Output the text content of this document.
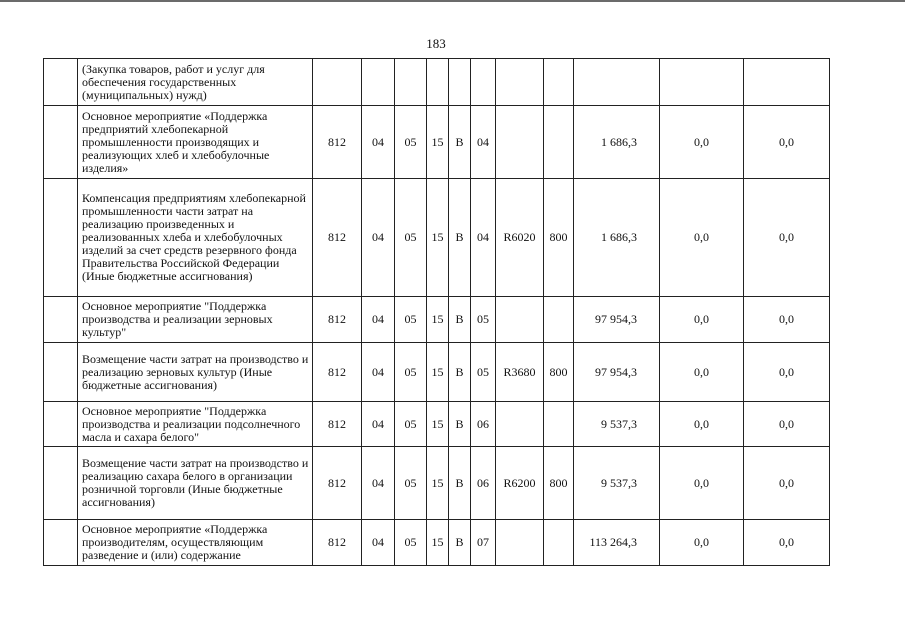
183
	(Закупка товаров, работ и услуг для обеспечения государственных (муниципальных) нужд)											
	Основное мероприятие «Поддержка предприятий хлебопекарной промышленности производящих и реализующих хлеб и хлебобулочные изделия»	812	04	05	15	В	04			1 686,3	0,0	0,0
	Компенсация предприятиям хлебопекарной промышленности части затрат на реализацию произведенных и реализованных хлеба и хлебобулочных изделий за счет средств резервного фонда Правительства Российской Федерации (Иные бюджетные ассигнования)	812	04	05	15	В	04	R6020	800	1 686,3	0,0	0,0
	Основное мероприятие "Поддержка производства и реализации зерновых культур"	812	04	05	15	В	05			97 954,3	0,0	0,0
	Возмещение части затрат на производство и реализацию зерновых культур (Иные бюджетные ассигнования)	812	04	05	15	В	05	R3680	800	97 954,3	0,0	0,0
	Основное мероприятие "Поддержка производства и реализации подсолнечного масла и сахара белого"	812	04	05	15	В	06			9 537,3	0,0	0,0
	Возмещение части затрат на производство и реализацию сахара белого в организации розничной торговли (Иные бюджетные ассигнования)	812	04	05	15	В	06	R6200	800	9 537,3	0,0	0,0
	Основное мероприятие «Поддержка производителям, осуществляющим разведение и (или) содержание	812	04	05	15	В	07			113 264,3	0,0	0,0
